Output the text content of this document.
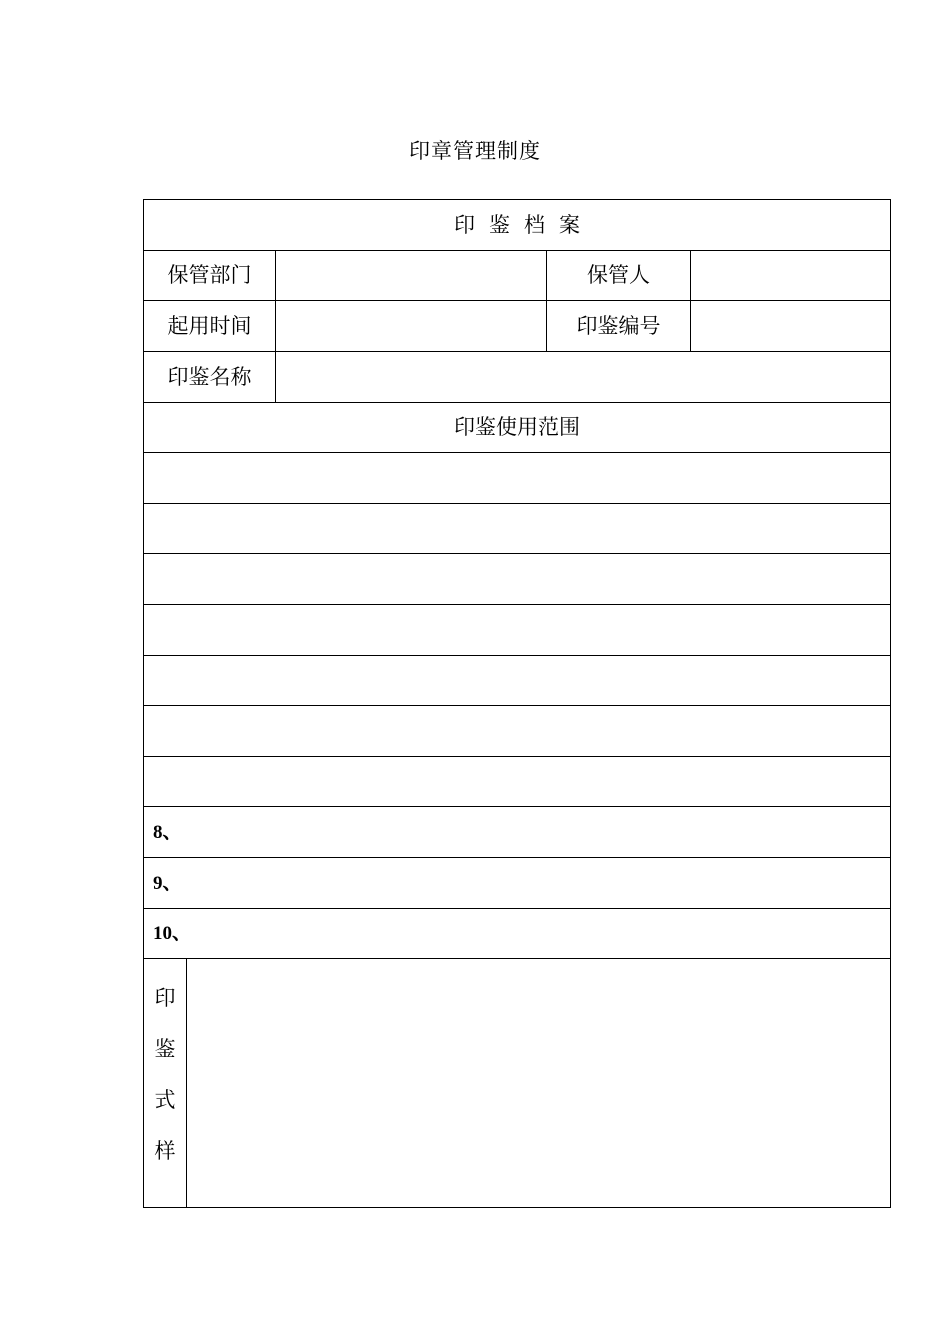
印章管理制度
印鉴档案
保管部门	保管人
起用时间	印鉴编号
印鉴名称
印鉴使用范围
8、
9、
10、
印
鉴
式
样
